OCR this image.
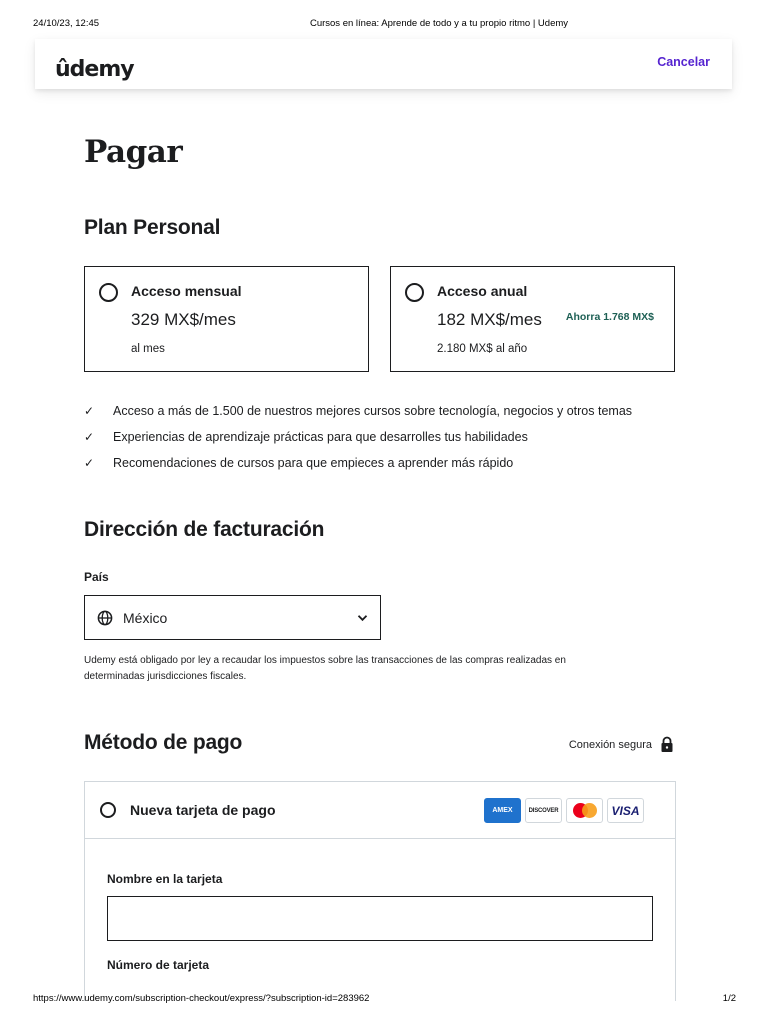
24/10/23, 12:45	Cursos en línea: Aprende de todo y a tu propio ritmo | Udemy
ûdemy	Cancelar
Pagar
Plan Personal
Acceso mensual
329 MX$/mes
al mes
Acceso anual
182 MX$/mes Ahorra 1.768 MX$
2.180 MX$ al año
✓	Acceso a más de 1.500 de nuestros mejores cursos sobre tecnología, negocios y otros temas
✓	Experiencias de aprendizaje prácticas para que desarrolles tus habilidades
✓	Recomendaciones de cursos para que empieces a aprender más rápido
Dirección de facturación
País
México
Udemy está obligado por ley a recaudar los impuestos sobre las transacciones de las compras realizadas en determinadas jurisdicciones fiscales.
Método de pago	Conexión segura
Nueva tarjeta de pago	AMEX	DISCOVER	VISA
Nombre en la tarjeta
Número de tarjeta
https://www.udemy.com/subscription-checkout/express/?subscription-id=283962	1/2
